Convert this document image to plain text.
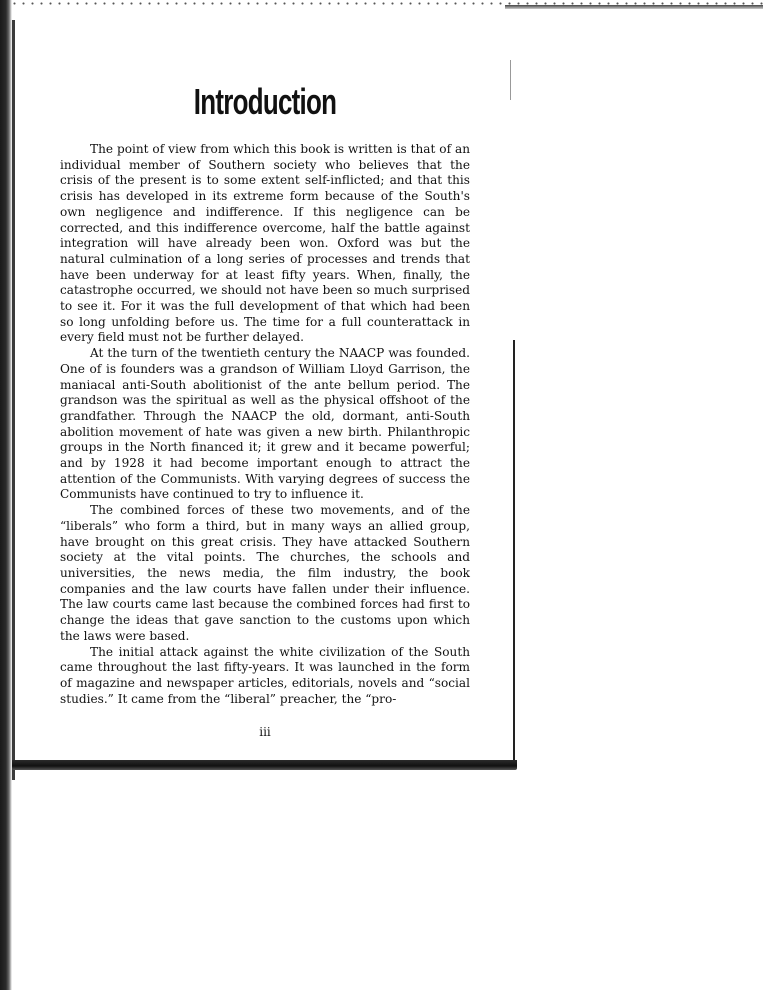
Introduction

The point of view from which this book is written is that of an individual member of Southern society who believes that the crisis of the present is to some extent self-inflicted; and that this crisis has developed in its extreme form because of the South's own negligence and indifference. If this negligence can be corrected, and this indifference overcome, half the battle against integration will have already been won. Oxford was but the natural culmination of a long series of processes and trends that have been underway for at least fifty years. When, finally, the catastrophe occurred, we should not have been so much surprised to see it. For it was the full development of that which had been so long unfolding before us. The time for a full counterattack in every field must not be further delayed.

At the turn of the twentieth century the NAACP was founded. One of is founders was a grandson of William Lloyd Garrison, the maniacal anti-South abolitionist of the ante bellum period. The grandson was the spiritual as well as the physical offshoot of the grandfather. Through the NAACP the old, dormant, anti-South abolition movement of hate was given a new birth. Philanthropic groups in the North financed it; it grew and it became powerful; and by 1928 it had become important enough to attract the attention of the Communists. With varying degrees of success the Communists have continued to try to influence it.

The combined forces of these two movements, and of the “liberals” who form a third, but in many ways an allied group, have brought on this great crisis. They have attacked Southern society at the vital points. The churches, the schools and universities, the news media, the film industry, the book companies and the law courts have fallen under their influence. The law courts came last because the combined forces had first to change the ideas that gave sanction to the customs upon which the laws were based.

The initial attack against the white civilization of the South came throughout the last fifty-years. It was launched in the form of magazine and newspaper articles, editorials, novels and “social studies.” It came from the “liberal” preacher, the “pro-

iii
